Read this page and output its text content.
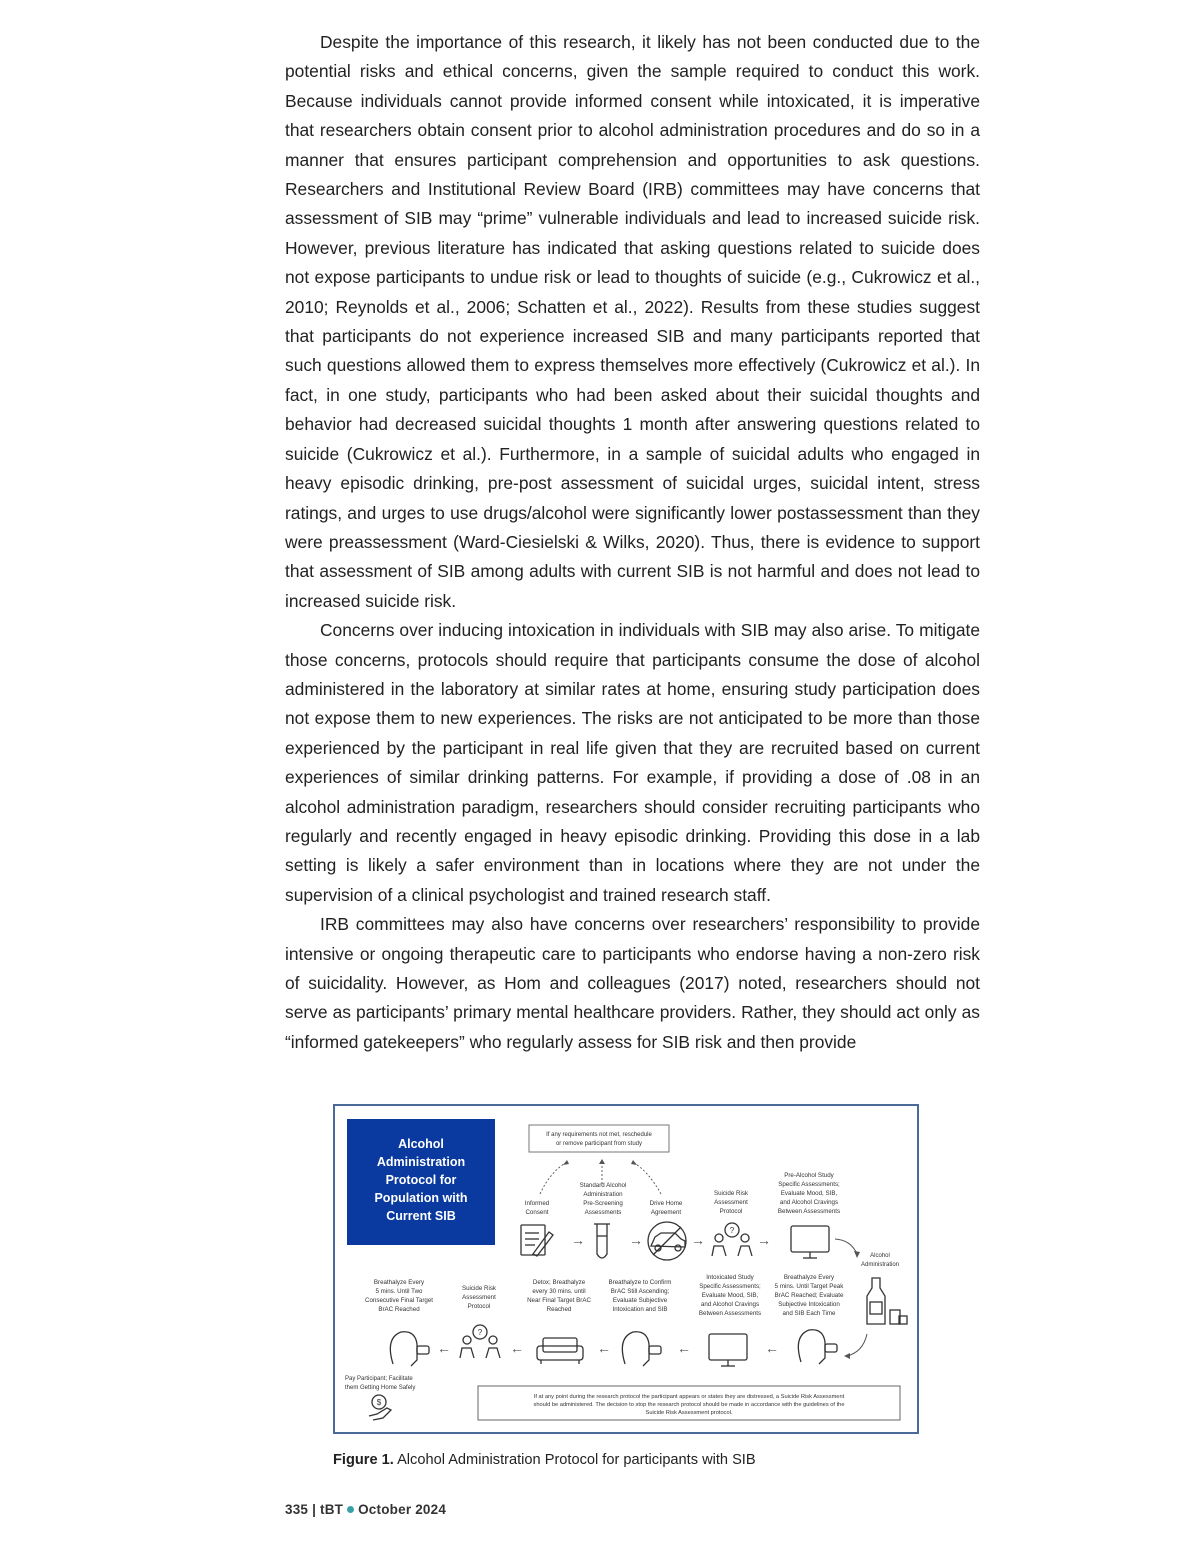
Despite the importance of this research, it likely has not been conducted due to the potential risks and ethical concerns, given the sample required to conduct this work. Because individuals cannot provide informed consent while intoxicated, it is imperative that researchers obtain consent prior to alcohol administration procedures and do so in a manner that ensures participant comprehension and opportunities to ask questions. Researchers and Institutional Review Board (IRB) committees may have concerns that assessment of SIB may “prime” vulnerable individuals and lead to increased suicide risk. However, previous literature has indicated that asking questions related to suicide does not expose participants to undue risk or lead to thoughts of suicide (e.g., Cukrowicz et al., 2010; Reynolds et al., 2006; Schatten et al., 2022). Results from these studies suggest that participants do not experience increased SIB and many participants reported that such questions allowed them to express themselves more effectively (Cukrowicz et al.). In fact, in one study, participants who had been asked about their suicidal thoughts and behavior had decreased suicidal thoughts 1 month after answering questions related to suicide (Cukrowicz et al.). Furthermore, in a sample of suicidal adults who engaged in heavy episodic drinking, pre-post assessment of suicidal urges, suicidal intent, stress ratings, and urges to use drugs/alcohol were significantly lower postassessment than they were preassessment (Ward-Ciesielski & Wilks, 2020). Thus, there is evidence to support that assessment of SIB among adults with current SIB is not harmful and does not lead to increased suicide risk.

Concerns over inducing intoxication in individuals with SIB may also arise. To mitigate those concerns, protocols should require that participants consume the dose of alcohol administered in the laboratory at similar rates at home, ensuring study participation does not expose them to new experiences. The risks are not anticipated to be more than those experienced by the participant in real life given that they are recruited based on current experiences of similar drinking patterns. For example, if providing a dose of .08 in an alcohol administration paradigm, researchers should consider recruiting participants who regularly and recently engaged in heavy episodic drinking. Providing this dose in a lab setting is likely a safer environment than in locations where they are not under the supervision of a clinical psychologist and trained research staff.

IRB committees may also have concerns over researchers’ responsibility to provide intensive or ongoing therapeutic care to participants who endorse having a non-zero risk of suicidality. However, as Hom and colleagues (2017) noted, researchers should not serve as participants’ primary mental healthcare providers. Rather, they should act only as “informed gatekeepers” who regularly assess for SIB risk and then provide

Alcohol
Administration
Protocol for
Population with
Current SIB
If any requirements not met, reschedule
or remove participant from study
Informed
Consent
Standard Alcohol
Administration
Pre-Screening
Assessments
Drive Home
Agreement
Suicide Risk
Assessment
Protocol
Pre-Alcohol Study
Specific Assessments;
Evaluate Mood, SIB,
and Alcohol Cravings
Between Assessments
?
→	→	→	→
Alcohol
Administration
Breathalyze Every
5 mins. Until Two
Consecutive Final Target
BrAC Reached
Suicide Risk
Assessment
Protocol
Detox; Breathalyze
every 30 mins. until
Near Final Target BrAC
Reached
Breathalyze to Confirm
BrAC Still Ascending;
Evaluate Subjective
Intoxication and SIB
Intoxicated Study
Specific Assessments;
Evaluate Mood, SIB,
and Alcohol Cravings
Between Assessments
Breathalyze Every
5 mins. Until Target Peak
BrAC Reached; Evaluate
Subjective Intoxication
and SIB Each Time
?
←
←
←
←
←
Pay Participant; Facilitate
them Getting Home Safely
$
If at any point during the research protocol the participant appears or states they are distressed, a Suicide Risk Assessment
should be administered. The decision to stop the research protocol should be made in accordance with the guidelines of the
Suicide Risk Assessment protocol.
Figure 1. Alcohol Administration Protocol for participants with SIB
335 | tBT October 2024
